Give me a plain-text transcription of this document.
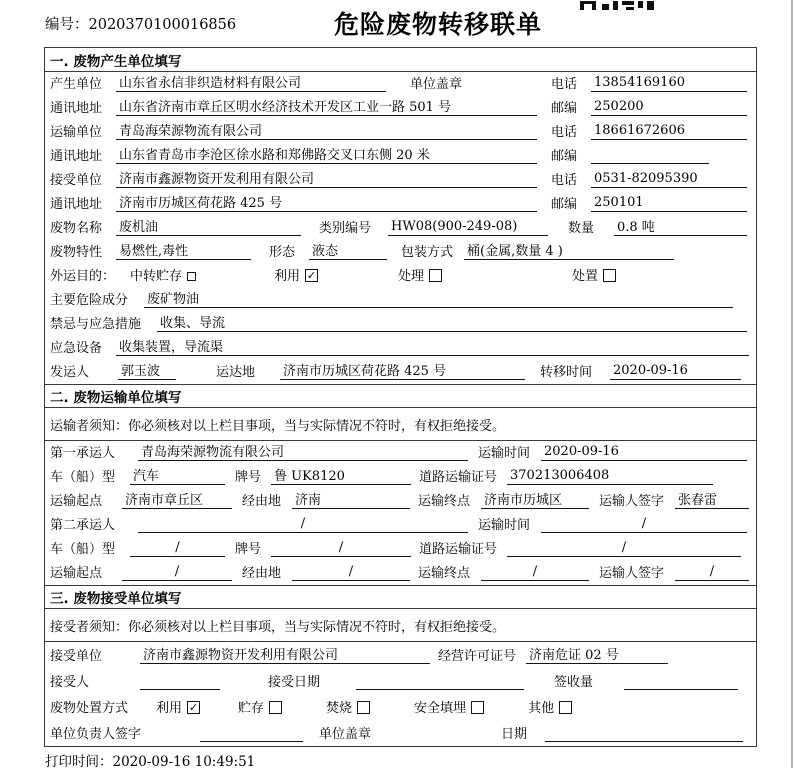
编号：2020370100016856	危险废物转移联单
一. 废物产生单位填写
产生单位	山东省永信非织造材料有限公司	单位盖章	电话	13854169160
通讯地址	山东省济南市章丘区明水经济技术开发区工业一路 501 号	邮编	250200
运输单位	青岛海荣源物流有限公司	电话	18661672606
通讯地址	山东省青岛市李沧区徐水路和郑佛路交叉口东侧 20 米	邮编
接受单位	济南市鑫源物资开发利用有限公司	电话	0531-82095390
通讯地址	济南市历城区荷花路 425 号	邮编	250101
废物名称	废机油	类别编号 HW08(900-249-08)	数量	0.8 吨
废物特性	易燃性,毒性	形态 液态	包装方式 桶(金属,数量 4 )
外运目的：	中转贮存	利用 ✓	处理	处置
主要危险成分	废矿物油
禁忌与应急措施	收集、导流
应急设备	收集装置，导流渠
发运人	郭玉波	运达地 济南市历城区荷花路 425 号	转移时间 2020-09-16
二. 废物运输单位填写
运输者须知：你必须核对以上栏目事项，当与实际情况不符时，有权拒绝接受。
第一承运人	青岛海荣源物流有限公司	运输时间 2020-09-16
车（船）型	汽车	牌号 鲁 UK8120	道路运输证号 370213006408
运输起点	济南市章丘区	经由地 济南	运输终点 济南市历城区	运输人签字 张春雷
第二承运人	/	运输时间	/
车（船）型	/	牌号	/	道路运输证号	/
运输起点	/	经由地	/	运输终点	/	运输人签字	/
三. 废物接受单位填写
接受者须知：你必须核对以上栏目事项，当与实际情况不符时，有权拒绝接受。
接受单位	济南市鑫源物资开发利用有限公司	经营许可证号 济南危证 02 号
接受人	接受日期	签收量
废物处置方式	利用 ✓	贮存	焚烧	安全填埋	其他
单位负责人签字	单位盖章	日期
打印时间：2020-09-16 10:49:51
